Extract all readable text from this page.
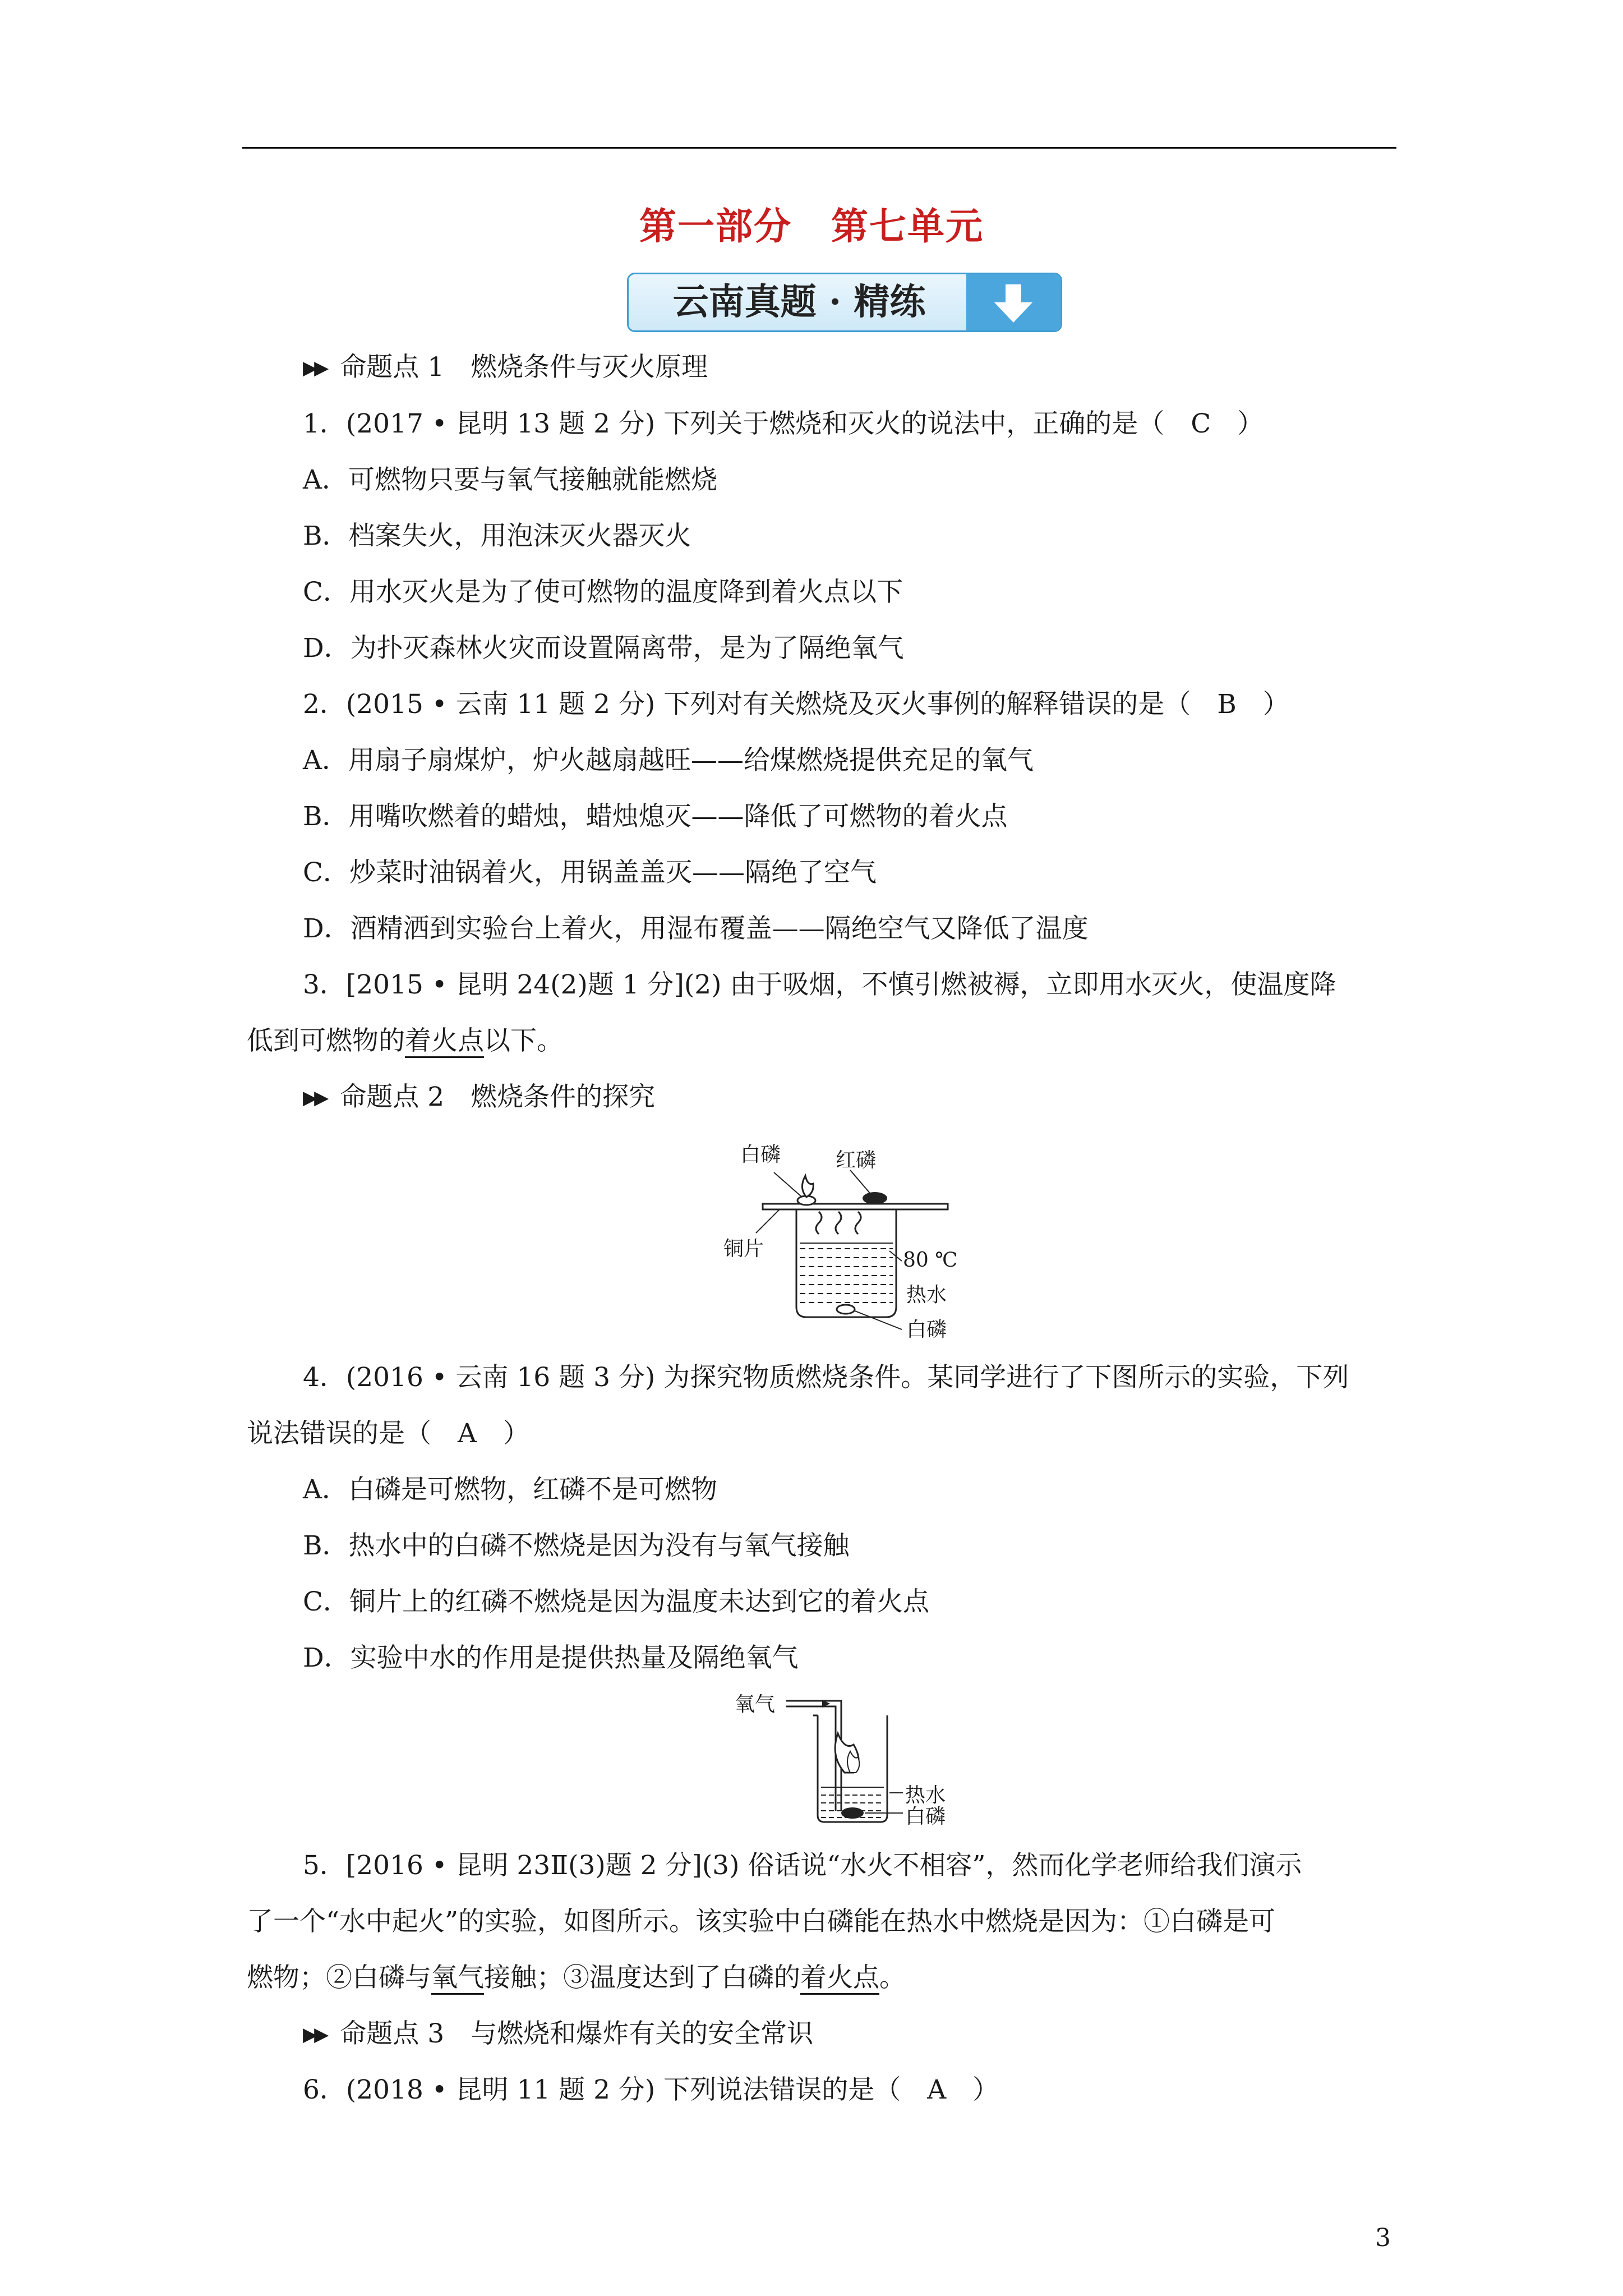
第一部分 第七单元
云南真题 · 精练
▶▶ 命题点 1　燃烧条件与灭火原理
1．(2017 • 昆明 13 题 2 分) 下列关于燃烧和灭火的说法中，正确的是（　C　）
A．可燃物只要与氧气接触就能燃烧
B．档案失火，用泡沫灭火器灭火
C．用水灭火是为了使可燃物的温度降到着火点以下
D．为扑灭森林火灾而设置隔离带，是为了隔绝氧气
2．(2015 • 云南 11 题 2 分) 下列对有关燃烧及灭火事例的解释错误的是（　B　）
A．用扇子扇煤炉，炉火越扇越旺——给煤燃烧提供充足的氧气
B．用嘴吹燃着的蜡烛，蜡烛熄灭——降低了可燃物的着火点
C．炒菜时油锅着火，用锅盖盖灭——隔绝了空气
D．酒精洒到实验台上着火，用湿布覆盖——隔绝空气又降低了温度
3．[2015 • 昆明 24(2)题 1 分](2) 由于吸烟，不慎引燃被褥，立即用水灭火，使温度降
低到可燃物的着火点以下。
▶▶ 命题点 2　燃烧条件的探究
白磷	红磷
铜片	80 ℃
热水
白磷
4．(2016 • 云南 16 题 3 分) 为探究物质燃烧条件。某同学进行了下图所示的实验，下列
说法错误的是（　A　）
A．白磷是可燃物，红磷不是可燃物
B．热水中的白磷不燃烧是因为没有与氧气接触
C．铜片上的红磷不燃烧是因为温度未达到它的着火点
D．实验中水的作用是提供热量及隔绝氧气
氧气
热水
白磷
5．[2016 • 昆明 23Ⅱ(3)题 2 分](3) 俗话说“水火不相容”，然而化学老师给我们演示
了一个“水中起火”的实验，如图所示。该实验中白磷能在热水中燃烧是因为：①白磷是可
燃物；②白磷与氧气接触；③温度达到了白磷的着火点。
▶▶ 命题点 3　与燃烧和爆炸有关的安全常识
6．(2018 • 昆明 11 题 2 分) 下列说法错误的是（　A　）
3
